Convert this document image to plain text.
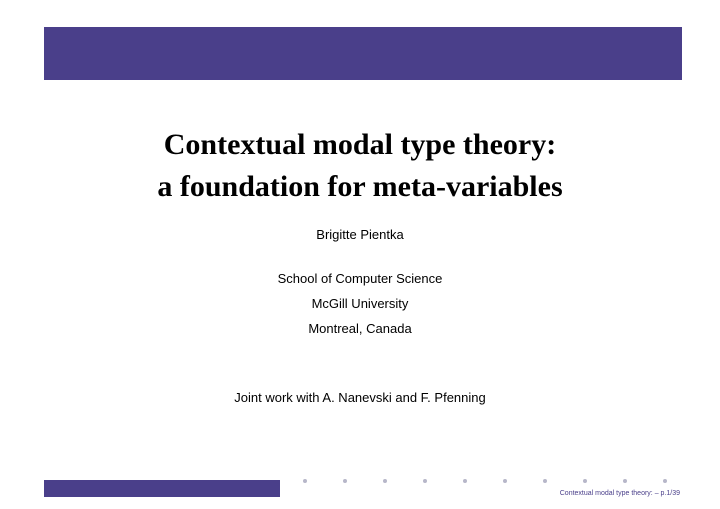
Contextual modal type theory:
a foundation for meta-variables
Brigitte Pientka
School of Computer Science
McGill University
Montreal, Canada
Joint work with A. Nanevski and F. Pfenning
Contextual modal type theory: – p.1/39
